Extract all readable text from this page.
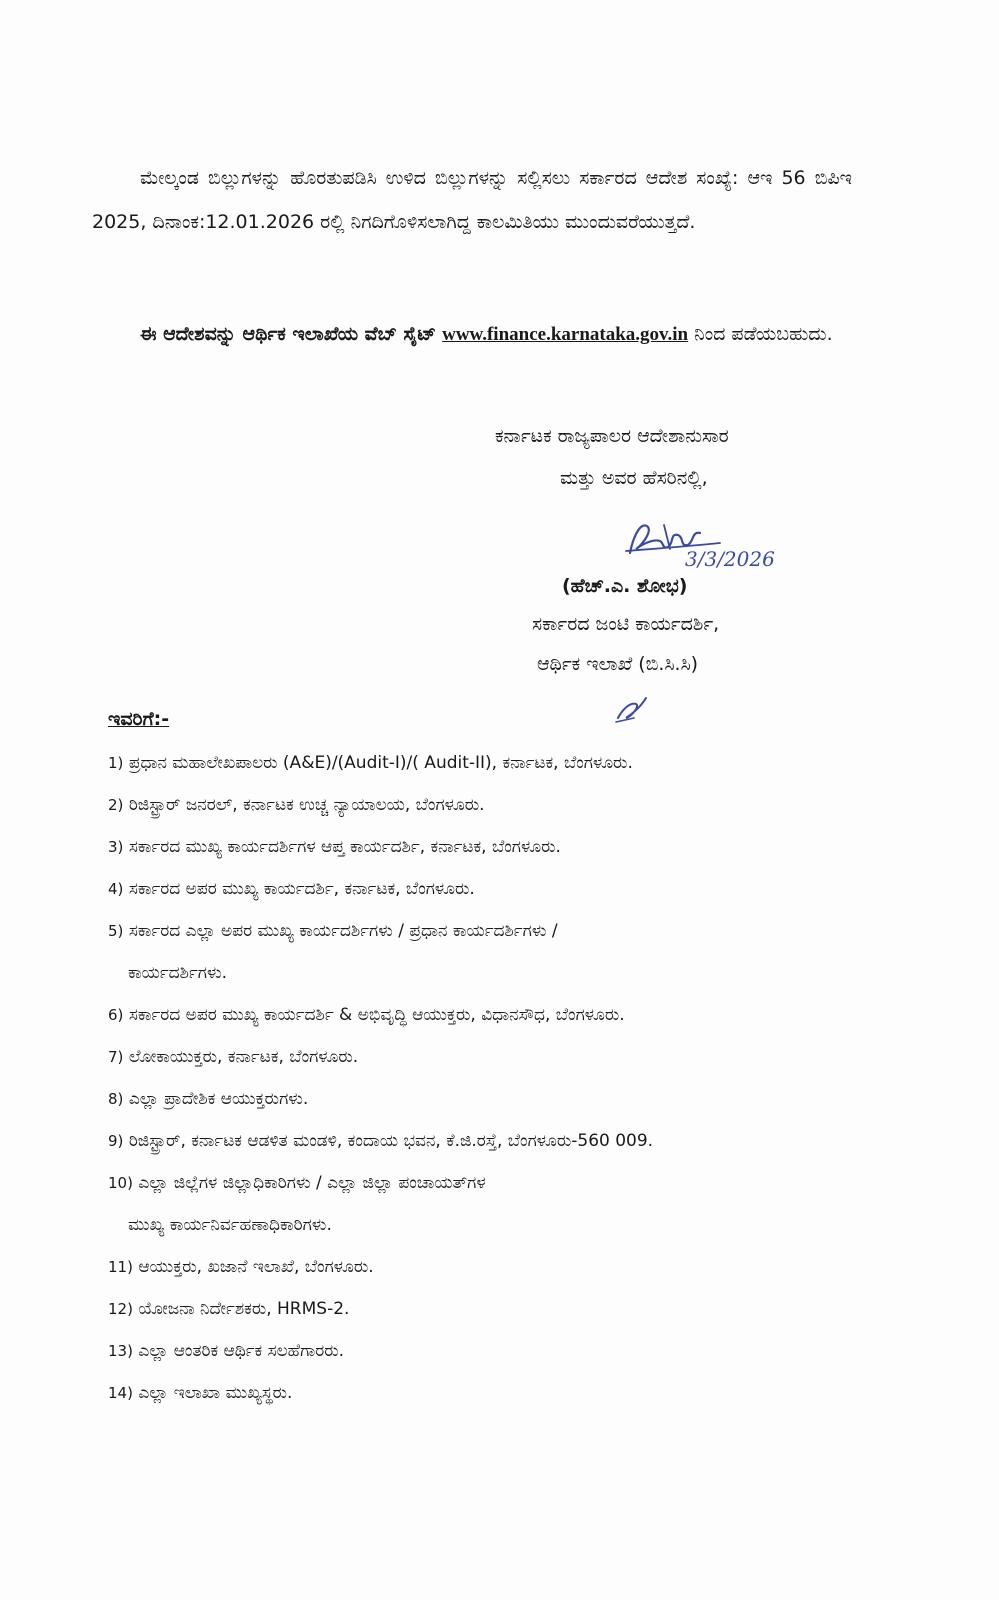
ಮೇಲ್ಕಂಡ ಬಿಲ್ಲುಗಳನ್ನು ಹೊರತುಪಡಿಸಿ ಉಳಿದ ಬಿಲ್ಲುಗಳನ್ನು ಸಲ್ಲಿಸಲು ಸರ್ಕಾರದ ಆದೇಶ ಸಂಖ್ಯೆ: ಆಇ 56 ಬಿಪಿಇ 2025, ದಿನಾಂಕ:12.01.2026 ರಲ್ಲಿ ನಿಗದಿಗೊಳಿಸಲಾಗಿದ್ದ ಕಾಲಮಿತಿಯು ಮುಂದುವರೆಯುತ್ತದೆ.

ಈ ಆದೇಶವನ್ನು ಆರ್ಥಿಕ ಇಲಾಖೆಯ ವೆಬ್ ಸೈಟ್ www.finance.karnataka.gov.in ನಿಂದ ಪಡೆಯಬಹುದು.

ಕರ್ನಾಟಕ ರಾಜ್ಯಪಾಲರ ಆದೇಶಾನುಸಾರ
ಮತ್ತು ಅವರ ಹೆಸರಿನಲ್ಲಿ,
3/3/2026
(ಹೆಚ್.ಎ. ಶೋಭ)
ಸರ್ಕಾರದ ಜಂಟಿ ಕಾರ್ಯದರ್ಶಿ,
ಆರ್ಥಿಕ ಇಲಾಖೆ (ಬಿ.ಸಿ.ಸಿ)
ಇವರಿಗೆ:-
1) ಪ್ರಧಾನ ಮಹಾಲೇಖಪಾಲರು (A&E)/(Audit-I)/( Audit-II), ಕರ್ನಾಟಕ, ಬೆಂಗಳೂರು.
2) ರಿಜಿಸ್ಟ್ರಾರ್ ಜನರಲ್, ಕರ್ನಾಟಕ ಉಚ್ಚ ನ್ಯಾಯಾಲಯ, ಬೆಂಗಳೂರು.
3) ಸರ್ಕಾರದ ಮುಖ್ಯ ಕಾರ್ಯದರ್ಶಿಗಳ ಆಪ್ತ ಕಾರ್ಯದರ್ಶಿ, ಕರ್ನಾಟಕ, ಬೆಂಗಳೂರು.
4) ಸರ್ಕಾರದ ಅಪರ ಮುಖ್ಯ ಕಾರ್ಯದರ್ಶಿ, ಕರ್ನಾಟಕ, ಬೆಂಗಳೂರು.
5) ಸರ್ಕಾರದ ಎಲ್ಲಾ ಅಪರ ಮುಖ್ಯ ಕಾರ್ಯದರ್ಶಿಗಳು / ಪ್ರಧಾನ ಕಾರ್ಯದರ್ಶಿಗಳು /
ಕಾರ್ಯದರ್ಶಿಗಳು.
6) ಸರ್ಕಾರದ ಅಪರ ಮುಖ್ಯ ಕಾರ್ಯದರ್ಶಿ & ಅಭಿವೃದ್ಧಿ ಆಯುಕ್ತರು, ವಿಧಾನಸೌಧ, ಬೆಂಗಳೂರು.
7) ಲೋಕಾಯುಕ್ತರು, ಕರ್ನಾಟಕ, ಬೆಂಗಳೂರು.
8) ಎಲ್ಲಾ ಪ್ರಾದೇಶಿಕ ಆಯುಕ್ತರುಗಳು.
9) ರಿಜಿಸ್ಟ್ರಾರ್, ಕರ್ನಾಟಕ ಆಡಳಿತ ಮಂಡಳಿ, ಕಂದಾಯ ಭವನ, ಕೆ.ಜಿ.ರಸ್ತೆ, ಬೆಂಗಳೂರು-560 009.
10) ಎಲ್ಲಾ ಜಿಲ್ಲೆಗಳ ಜಿಲ್ಲಾಧಿಕಾರಿಗಳು / ಎಲ್ಲಾ ಜಿಲ್ಲಾ ಪಂಚಾಯತ್‌ಗಳ
ಮುಖ್ಯ ಕಾರ್ಯನಿರ್ವಹಣಾಧಿಕಾರಿಗಳು.
11) ಆಯುಕ್ತರು, ಖಜಾನೆ ಇಲಾಖೆ, ಬೆಂಗಳೂರು.
12) ಯೋಜನಾ ನಿರ್ದೇಶಕರು, HRMS-2.
13) ಎಲ್ಲಾ ಆಂತರಿಕ ಆರ್ಥಿಕ ಸಲಹೆಗಾರರು.
14) ಎಲ್ಲಾ ಇಲಾಖಾ ಮುಖ್ಯಸ್ಥರು.
